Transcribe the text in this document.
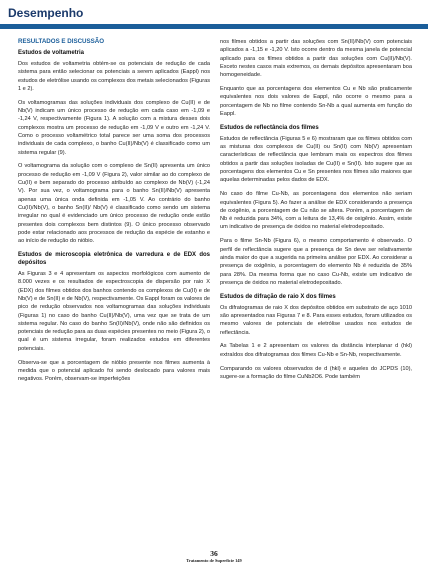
Desempenho
RESULTADOS E DISCUSSÃO
Estudos de voltametria

Dos estudos de voltametria obtém-se os potenciais de redução de cada sistema para então selecionar os potenciais a serem aplicados (Eappl) nos estudos de eletrólise usando os complexos dos metais selecionados (Figuras 1 e 2).

Os voltamogramas das soluções individuais dos complexo de Cu(II) e de Nb(V) indicam um único processo de redução em cada caso em -1,09 e -1,24 V, respectivamente (Figura 1). A solução com a mistura desses dois complexos mostra um processo de redução em -1,09 V e outro em -1,24 V. Como o processo voltamétrico total parece ser uma soma dos processos individuais de cada complexo, o banho Cu(II)/Nb(V) é classificado como um sistema regular (9).

O voltamograma da solução com o complexo de Sn(II) apresenta um único processo de redução em -1,09 V (Figura 2), valor similar ao do complexo de Cu(II) e bem separado do processo atribuído ao complexo de Nb(V) (-1,24 V). Por sua vez, o voltamograma para o banho Sn(II)/Nb(V) apresenta apenas uma única onda definida em -1,05 V. Ao contrário do banho Cu(II)/Nb(V), o banho Sn(II)/ Nb(V) é classificado como sendo um sistema irregular no qual é evidenciado um único processo de redução onde estão presentes dois complexos bem distintos (9). O único processo observado pode estar relacionado aos processos de redução da espécie de estanho e ao início de redução do nióbio.

Estudos de microscopia eletrônica de varredura e de EDX dos depósitos

As Figuras 3 e 4 apresentam os aspectos morfológicos com aumento de 8.000 vezes e os resultados de espectroscopia de dispersão por raio X (EDX) dos filmes obtidos dos banhos contendo os complexos de Cu(II) e de Nb(V) e de Sn(II) e de Nb(V), respectivamente. Os Eappl foram os valores de pico de redução observados nos voltamogramas das soluções individuais (Figuras 1) no caso do banho Cu(II)/Nb(V), uma vez que se trata de um sistema regular. No caso do banho Sn(II)/Nb(V), onde não são definidos os potenciais de redução para as duas espécies presentes no meio (Figura 2), o qual é um sistema irregular, foram realizados estudos em diferentes potenciais.

Observa-se que a porcentagem de nióbio presente nos filmes aumenta à medida que o potencial aplicado foi sendo deslocado para valores mais negativos. Porém, observam-se imperfeições

nos filmes obtidos a partir das soluções com Sn(II)/Nb(V) com potenciais aplicados a -1,15 e -1,20 V. Isto ocorre dentro da mesma janela de potencial aplicado para os filmes obtidos a partir das soluções com Cu(II)/Nb(V). Exceto nestes casos mais extremos, os demais depósitos apresentaram boa homogeneidade.

Enquanto que as porcentagens dos elementos Cu e Nb são praticamente equivalentes nos dois valores de Eappl, não ocorre o mesmo para a porcentagem de Nb no filme contendo Sn-Nb a qual aumenta em função do Eappl.

Estudos de reflectância dos filmes

Estudos de reflectância (Figuras 5 e 6) mostraram que os filmes obtidos com as misturas dos complexos de Cu(II) ou Sn(II) com Nb(V) apresentam características de reflectância que lembram mais os espectros dos filmes obtidos a partir das soluções isoladas de Cu(II) e Sn(II). Isto sugere que as porcentagens dos elementos Cu e Sn presentes nos filmes são maiores que aquelas determinadas pelos dados de EDX.

No caso do filme Cu-Nb, as porcentagens dos elementos não seriam equivalentes (Figura 5). Ao fazer a análise de EDX considerando a presença de oxigênio, a porcentagem de Cu não se altera. Porém, a porcentagem de Nb é reduzida para 34%, com a leitura de 13,4% de oxigênio. Assim, existe um indicativo de presença de óxidos no material eletrodepositado.

Para o filme Sn-Nb (Figura 6), o mesmo comportamento é observado. O perfil de reflectância sugere que a presença de Sn deve ser relativamente ainda maior do que a sugerida na primeira análise por EDX. Ao considerar a presença de oxigênio, a porcentagem do elemento Nb é reduzida de 35% para 28%. Da mesma forma que no caso Cu-Nb, existe um indicativo de presença de óxidos no material eletrodepositado.

Estudos de difração de raio X dos filmes

Os difratogramas de raio X dos depósitos obtidos em substrato de aço 1010 são apresentados nas Figuras 7 e 8. Para esses estudos, foram utilizados os mesmo valores de potenciais de eletrólise usados nos estudos de reflectância.

As Tabelas 1 e 2 apresentam os valores da distância interplanar d (hkl) extraídos dos difratogramas dos filmes Cu-Nb e Sn-Nb, respectivamente.

Comparando os valores observados de d (hkl) e aqueles do JCPDS (10), sugere-se a formação do filme CuNb2O6. Pode também

36
Tratamento de Superfície 149
